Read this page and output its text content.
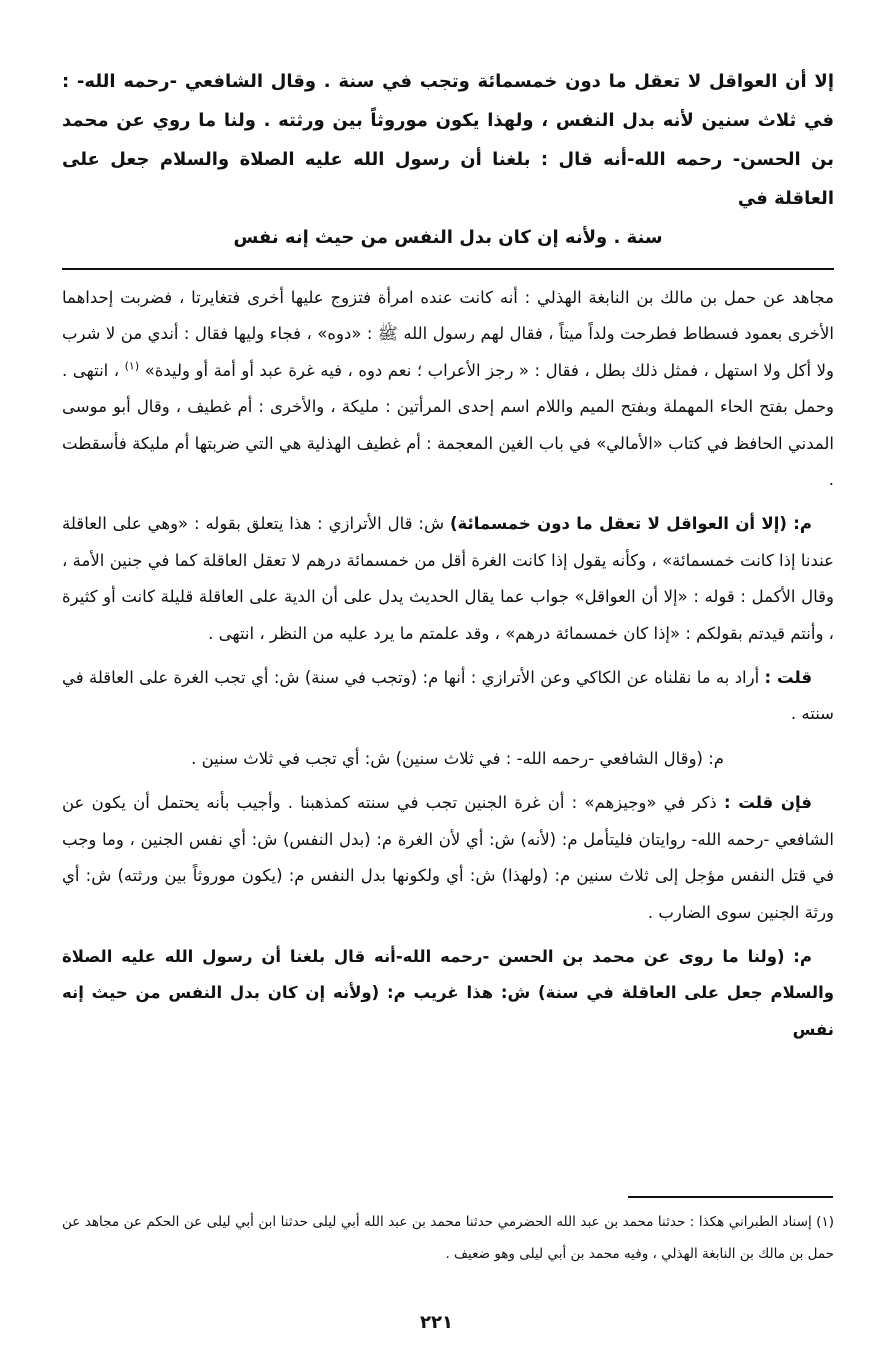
إلا أن العواقل لا تعقل ما دون خمسمائة وتجب في سنة . وقال الشافعي -رحمه الله- : في ثلاث سنين لأنه بدل النفس ، ولهذا يكون موروثاً بين ورثته . ولنا ما روي عن محمد بن الحسن- رحمه الله-أنه قال : بلغنا أن رسول الله عليه الصلاة والسلام جعل على العاقلة في
سنة . ولأنه إن كان بدل النفس من حيث إنه نفس

مجاهد عن حمل بن مالك بن النابغة الهذلي : أنه كانت عنده امرأة فتزوج عليها أخرى فتغايرتا ، فضربت إحداهما الأخرى بعمود فسطاط فطرحت ولداً ميتاً ، فقال لهم رسول الله ﷺ : «دوه» ، فجاء وليها فقال : أندي من لا شرب ولا أكل ولا استهل ، فمثل ذلك بطل ، فقال : « رجز الأعراب ؛ نعم دوه ، فيه غرة عبد أو أمة أو وليدة» $^{(١)}$ ، انتهى . وحمل بفتح الحاء المهملة وبفتح الميم واللام اسم إحدى المرأتين : مليكة ، والأخرى : أم غطيف ، وقال أبو موسى المدني الحافظ في كتاب «الأمالي» في باب الغين المعجمة : أم غطيف الهذلية هي التي ضربتها أم مليكة فأسقطت .

م: (إلا أن العواقل لا تعقل ما دون خمسمائة) ش: قال الأترازي : هذا يتعلق بقوله : «وهي على العاقلة عندنا إذا كانت خمسمائة» ، وكأنه يقول إذا كانت الغرة أقل من خمسمائة درهم لا تعقل العاقلة كما في جنين الأمة ، وقال الأكمل : قوله : «إلا أن العواقل» جواب عما يقال الحديث يدل على أن الدية على العاقلة قليلة كانت أو كثيرة ، وأنتم قيدتم بقولكم : «إذا كان خمسمائة درهم» ، وقد علمتم ما يرد عليه من النظر ، انتهى .

قلت : أراد به ما نقلناه عن الكاكي وعن الأترازي : أنها م: (وتجب في سنة) ش: أي تجب الغرة على العاقلة في سنته .

م: (وقال الشافعي -رحمه الله- : في ثلاث سنين) ش: أي تجب في ثلاث سنين .

فإن قلت : ذكر في «وجيزهم» : أن غرة الجنين تجب في سنته كمذهبنا . وأجيب بأنه يحتمل أن يكون عن الشافعي -رحمه الله- روايتان فليتأمل م: (لأنه) ش: أي لأن الغرة م: (بدل النفس) ش: أي نفس الجنين ، وما وجب في قتل النفس مؤجل إلى ثلاث سنين م: (ولهذا) ش: أي ولكونها بدل النفس م: (يكون موروثاً بين ورثته) ش: أي ورثة الجنين سوى الضارب .

م: (ولنا ما روى عن محمد بن الحسن -رحمه الله-أنه قال بلغنا أن رسول الله عليه الصلاة والسلام جعل على العاقلة في سنة) ش: هذا غريب م: (ولأنه إن كان بدل النفس من حيث إنه نفس

(١) إسناد الطبراني هكذا : حدثنا محمد بن عبد الله الحضرمي حدثنا محمد بن عبد الله أبي ليلى حدثنا ابن أبي ليلى عن الحكم عن مجاهد عن حمل بن مالك بن النابغة الهذلي ، وفيه محمد بن أبي ليلى وهو ضعيف .

٢٢١
